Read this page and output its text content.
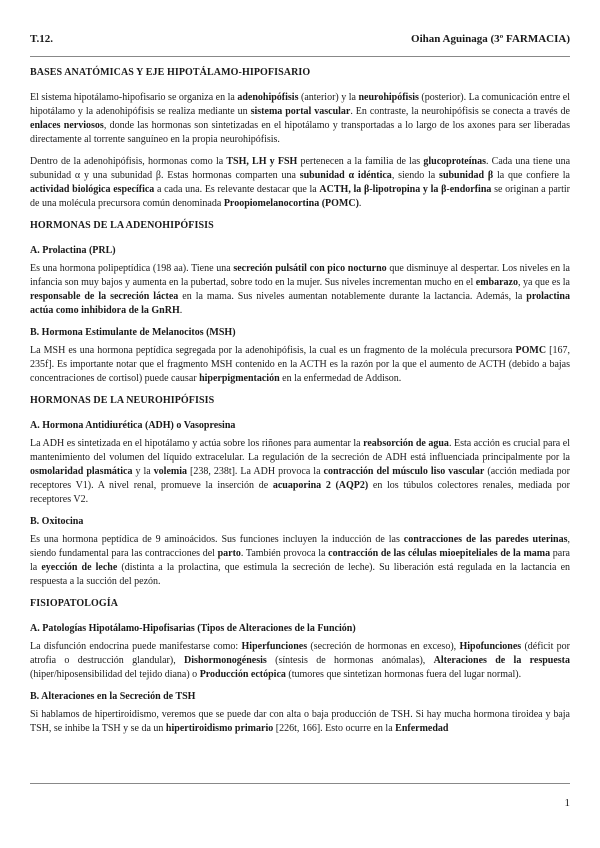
T.12.	Oihan Aguinaga (3º FARMACIA)
BASES ANATÓMICAS Y EJE HIPOTÁLAMO-HIPOFISARIO

El sistema hipotálamo-hipofisario se organiza en la adenohipófisis (anterior) y la neurohipófisis (posterior). La comunicación entre el hipotálamo y la adenohipófisis se realiza mediante un sistema portal vascular. En contraste, la neurohipófisis se conecta a través de enlaces nerviosos, donde las hormonas son sintetizadas en el hipotálamo y transportadas a lo largo de los axones para ser liberadas directamente al torrente sanguíneo en la propia neurohipófisis.

Dentro de la adenohipófisis, hormonas como la TSH, LH y FSH pertenecen a la familia de las glucoproteínas. Cada una tiene una subunidad α y una subunidad β. Estas hormonas comparten una subunidad α idéntica, siendo la subunidad β la que confiere la actividad biológica específica a cada una. Es relevante destacar que la ACTH, la β-lipotropina y la β-endorfina se originan a partir de una molécula precursora común denominada Proopiomelanocortina (POMC).

HORMONAS DE LA ADENOHIPÓFISIS
A. Prolactina (PRL)

Es una hormona polipeptídica (198 aa). Tiene una secreción pulsátil con pico nocturno que disminuye al despertar. Los niveles en la infancia son muy bajos y aumenta en la pubertad, sobre todo en la mujer. Sus niveles incrementan mucho en el embarazo, ya que es la responsable de la secreción láctea en la mama. Sus niveles aumentan notablemente durante la lactancia. Además, la prolactina actúa como inhibidora de la GnRH.

B. Hormona Estimulante de Melanocitos (MSH)

La MSH es una hormona peptídica segregada por la adenohipófisis, la cual es un fragmento de la molécula precursora POMC [167, 235f]. Es importante notar que el fragmento MSH contenido en la ACTH es la razón por la que el aumento de ACTH (debido a bajas concentraciones de cortisol) puede causar hiperpigmentación en la enfermedad de Addison.

HORMONAS DE LA NEUROHIPÓFISIS
A. Hormona Antidiurética (ADH) o Vasopresina

La ADH es sintetizada en el hipotálamo y actúa sobre los riñones para aumentar la reabsorción de agua. Esta acción es crucial para el mantenimiento del volumen del líquido extracelular. La regulación de la secreción de ADH está influenciada principalmente por la osmolaridad plasmática y la volemia [238, 238t]. La ADH provoca la contracción del músculo liso vascular (acción mediada por receptores V1). A nivel renal, promueve la inserción de acuaporina 2 (AQP2) en los túbulos colectores renales, mediada por receptores V2.

B. Oxitocina

Es una hormona peptídica de 9 aminoácidos. Sus funciones incluyen la inducción de las contracciones de las paredes uterinas, siendo fundamental para las contracciones del parto. También provoca la contracción de las células mioepiteliales de la mama para la eyección de leche (distinta a la prolactina, que estimula la secreción de leche). Su liberación está regulada en la lactancia en respuesta a la succión del pezón.

FISIOPATOLOGÍA
A. Patologías Hipotálamo-Hipofisarias (Tipos de Alteraciones de la Función)

La disfunción endocrina puede manifestarse como: Hiperfunciones (secreción de hormonas en exceso), Hipofunciones (déficit por atrofia o destrucción glandular), Dishormonogénesis (síntesis de hormonas anómalas), Alteraciones de la respuesta (hiper/hiposensibilidad del tejido diana) o Producción ectópica (tumores que sintetizan hormonas fuera del lugar normal).

B. Alteraciones en la Secreción de TSH

Si hablamos de hipertiroidismo, veremos que se puede dar con alta o baja producción de TSH. Si hay mucha hormona tiroidea y baja TSH, se inhibe la TSH y se da un hipertiroidismo primario [226t, 166]. Esto ocurre en la Enfermedad

1
